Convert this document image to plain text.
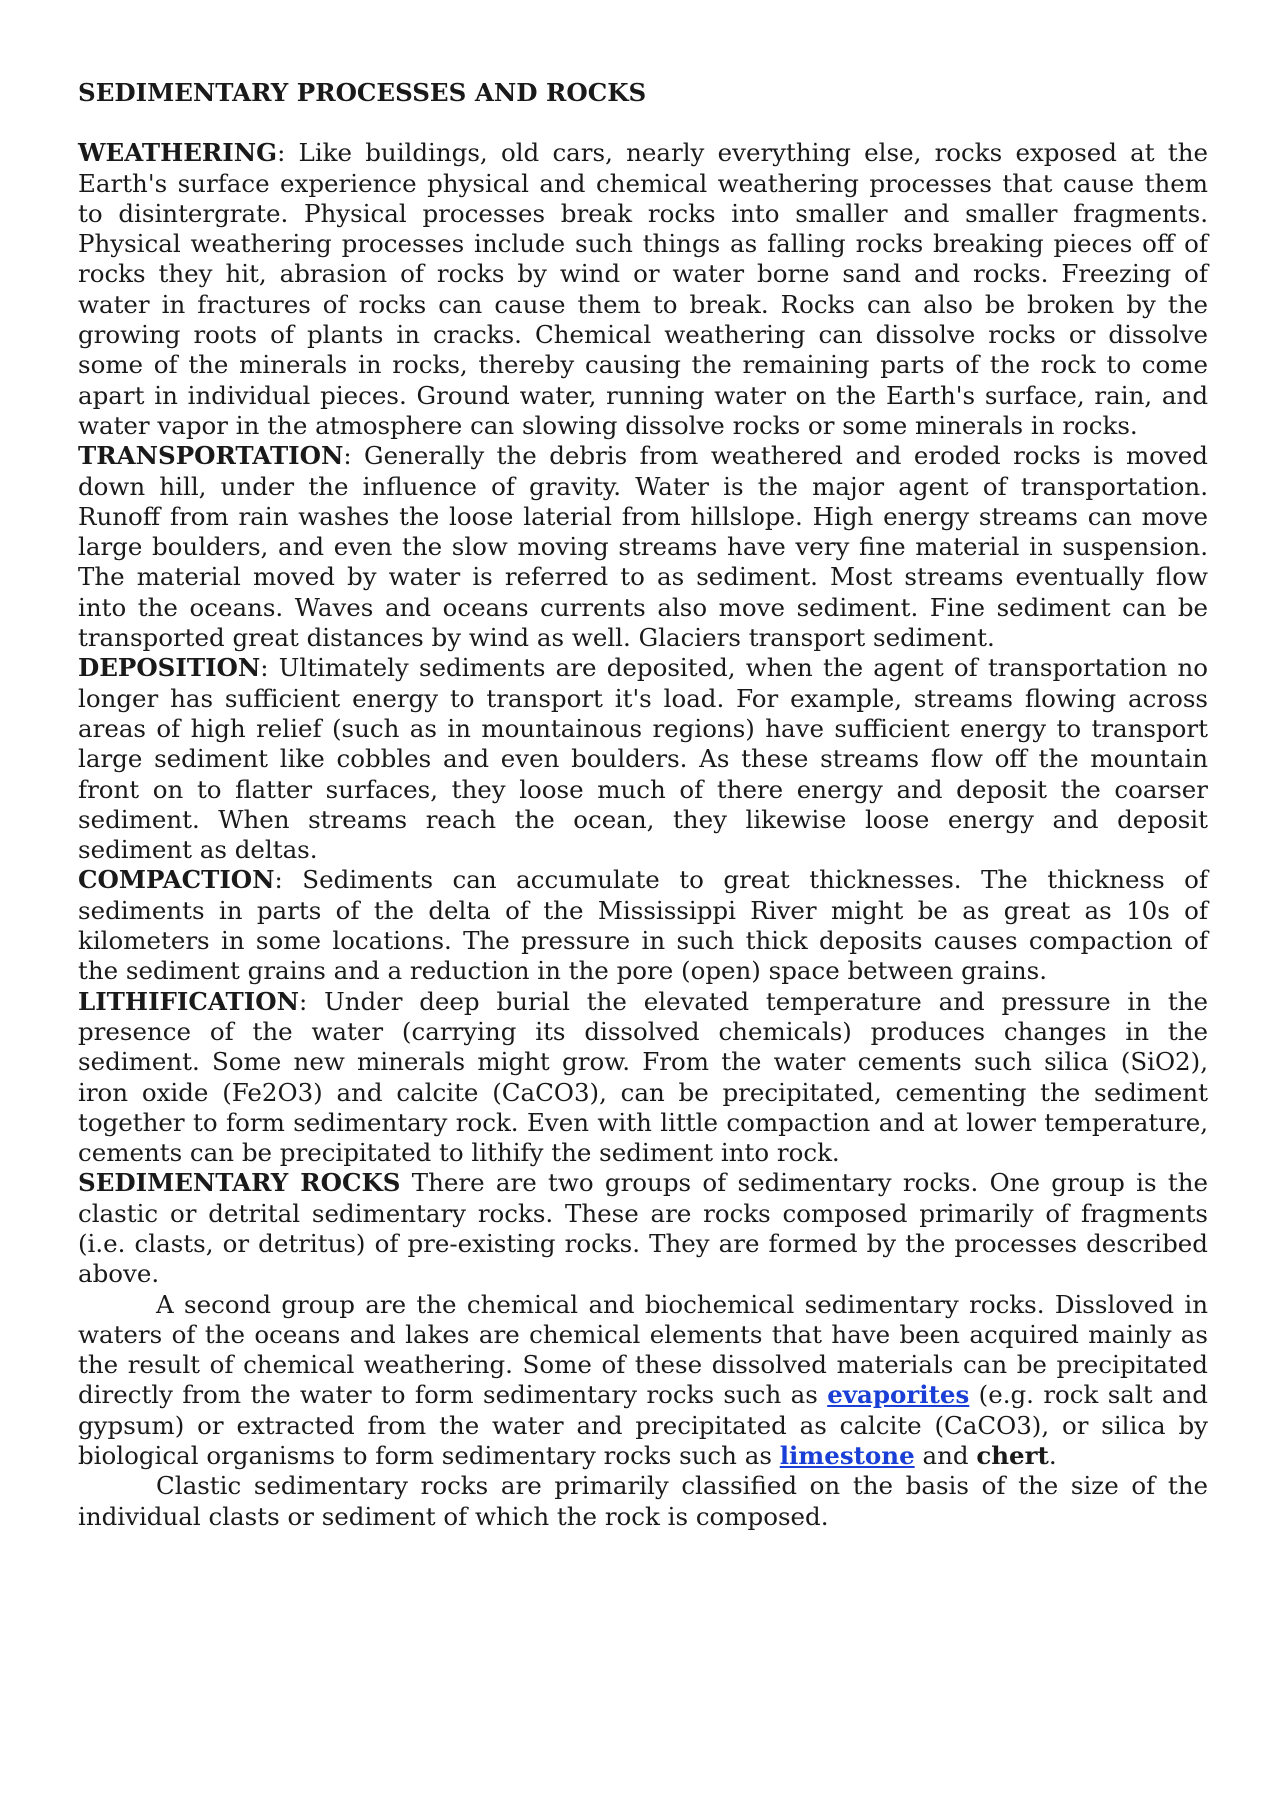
SEDIMENTARY PROCESSES AND ROCKS

WEATHERING: Like buildings, old cars, nearly everything else, rocks exposed at the Earth's surface experience physical and chemical weathering processes that cause them to disintergrate. Physical processes break rocks into smaller and smaller fragments. Physical weathering processes include such things as falling rocks breaking pieces off of rocks they hit, abrasion of rocks by wind or water borne sand and rocks. Freezing of water in fractures of rocks can cause them to break. Rocks can also be broken by the growing roots of plants in cracks. Chemical weathering can dissolve rocks or dissolve some of the minerals in rocks, thereby causing the remaining parts of the rock to come apart in individual pieces. Ground water, running water on the Earth's surface, rain, and water vapor in the atmosphere can slowing dissolve rocks or some minerals in rocks.

TRANSPORTATION: Generally the debris from weathered and eroded rocks is moved down hill, under the influence of gravity. Water is the major agent of transportation. Runoff from rain washes the loose laterial from hillslope. High energy streams can move large boulders, and even the slow moving streams have very fine material in suspension. The material moved by water is referred to as sediment. Most streams eventually flow into the oceans. Waves and oceans currents also move sediment. Fine sediment can be transported great distances by wind as well. Glaciers transport sediment.

DEPOSITION: Ultimately sediments are deposited, when the agent of transportation no longer has sufficient energy to transport it's load. For example, streams flowing across areas of high relief (such as in mountainous regions) have sufficient energy to transport large sediment like cobbles and even boulders. As these streams flow off the mountain front on to flatter surfaces, they loose much of there energy and deposit the coarser sediment. When streams reach the ocean, they likewise loose energy and deposit sediment as deltas.

COMPACTION: Sediments can accumulate to great thicknesses. The thickness of sediments in parts of the delta of the Mississippi River might be as great as 10s of kilometers in some locations. The pressure in such thick deposits causes compaction of the sediment grains and a reduction in the pore (open) space between grains.

LITHIFICATION: Under deep burial the elevated temperature and pressure in the presence of the water (carrying its dissolved chemicals) produces changes in the sediment. Some new minerals might grow. From the water cements such silica (SiO2), iron oxide (Fe2O3) and calcite (CaCO3), can be precipitated, cementing the sediment together to form sedimentary rock. Even with little compaction and at lower temperature, cements can be precipitated to lithify the sediment into rock.

SEDIMENTARY ROCKS There are two groups of sedimentary rocks. One group is the clastic or detrital sedimentary rocks. These are rocks composed primarily of fragments (i.e. clasts, or detritus) of pre-existing rocks. They are formed by the processes described above.

A second group are the chemical and biochemical sedimentary rocks. Dissloved in waters of the oceans and lakes are chemical elements that have been acquired mainly as the result of chemical weathering. Some of these dissolved materials can be precipitated directly from the water to form sedimentary rocks such as evaporites (e.g. rock salt and gypsum) or extracted from the water and precipitated as calcite (CaCO3), or silica by biological organisms to form sedimentary rocks such as limestone and chert.

Clastic sedimentary rocks are primarily classified on the basis of the size of the individual clasts or sediment of which the rock is composed.
